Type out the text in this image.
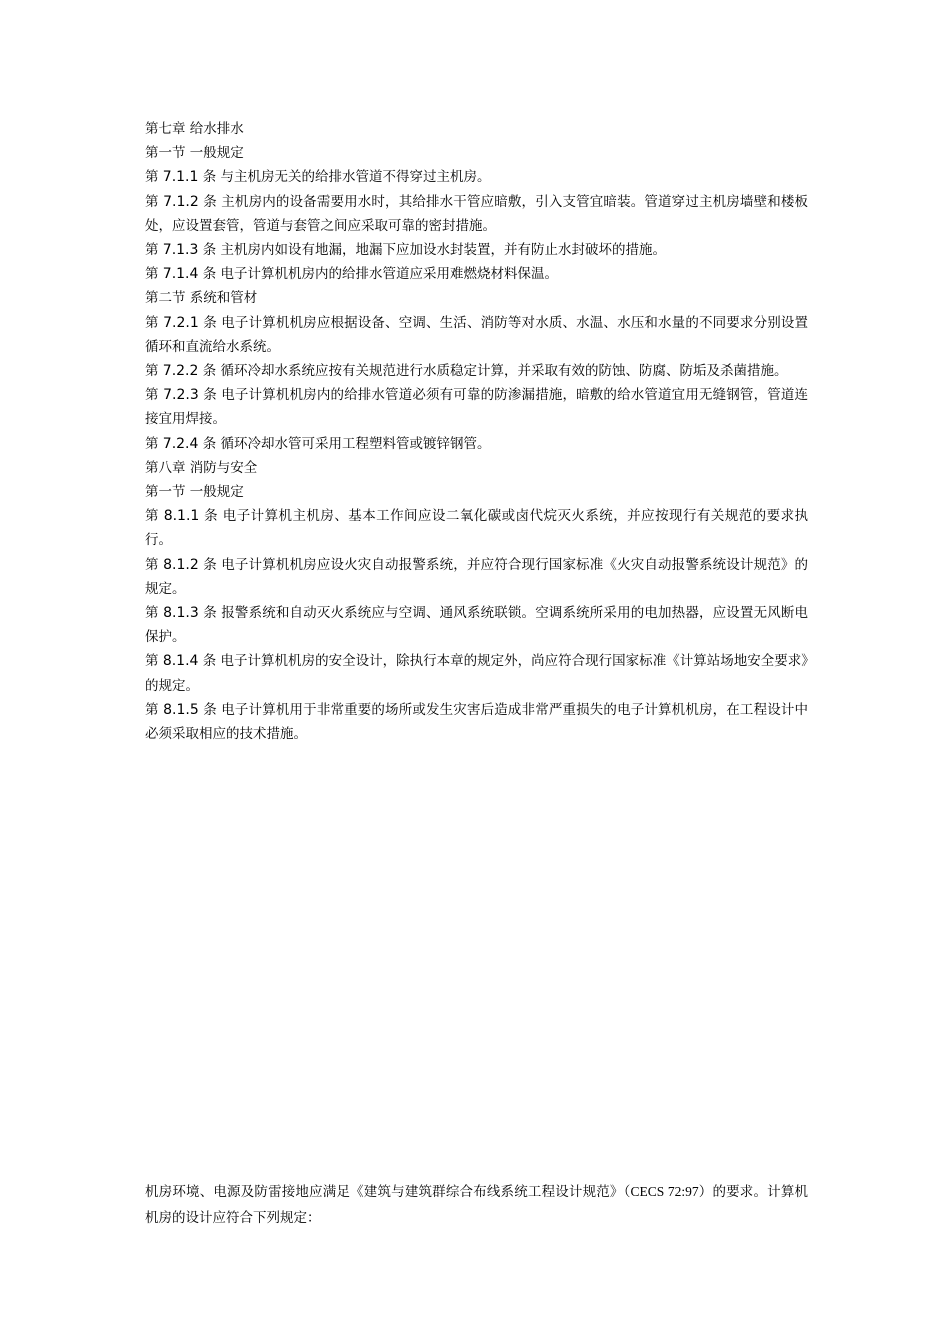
第七章 给水排水

第一节 一般规定

第 7.1.1 条 与主机房无关的给排水管道不得穿过主机房。

第 7.1.2 条 主机房内的设备需要用水时，其给排水干管应暗敷，引入支管宜暗装。管道穿过主机房墙壁和楼板处，应设置套管，管道与套管之间应采取可靠的密封措施。

第 7.1.3 条 主机房内如设有地漏，地漏下应加设水封装置，并有防止水封破坏的措施。

第 7.1.4 条 电子计算机机房内的给排水管道应采用难燃烧材料保温。

第二节 系统和管材

第 7.2.1 条 电子计算机机房应根据设备、空调、生活、消防等对水质、水温、水压和水量的不同要求分别设置循环和直流给水系统。

第 7.2.2 条 循环冷却水系统应按有关规范进行水质稳定计算，并采取有效的防蚀、防腐、防垢及杀菌措施。

第 7.2.3 条 电子计算机机房内的给排水管道必须有可靠的防渗漏措施，暗敷的给水管道宜用无缝钢管，管道连接宜用焊接。

第 7.2.4 条 循环冷却水管可采用工程塑料管或镀锌钢管。

第八章 消防与安全

第一节 一般规定

第 8.1.1 条 电子计算机主机房、基本工作间应设二氧化碳或卤代烷灭火系统，并应按现行有关规范的要求执行。

第 8.1.2 条 电子计算机机房应设火灾自动报警系统，并应符合现行国家标准《火灾自动报警系统设计规范》的规定。

第 8.1.3 条 报警系统和自动灭火系统应与空调、通风系统联锁。空调系统所采用的电加热器，应设置无风断电保护。

第 8.1.4 条 电子计算机机房的安全设计，除执行本章的规定外，尚应符合现行国家标准《计算站场地安全要求》的规定。

第 8.1.5 条 电子计算机用于非常重要的场所或发生灾害后造成非常严重损失的电子计算机机房，在工程设计中必须采取相应的技术措施。

机房环境、电源及防雷接地应满足《建筑与建筑群综合布线系统工程设计规范》（CECS 72:97）的要求。计算机机房的设计应符合下列规定：
